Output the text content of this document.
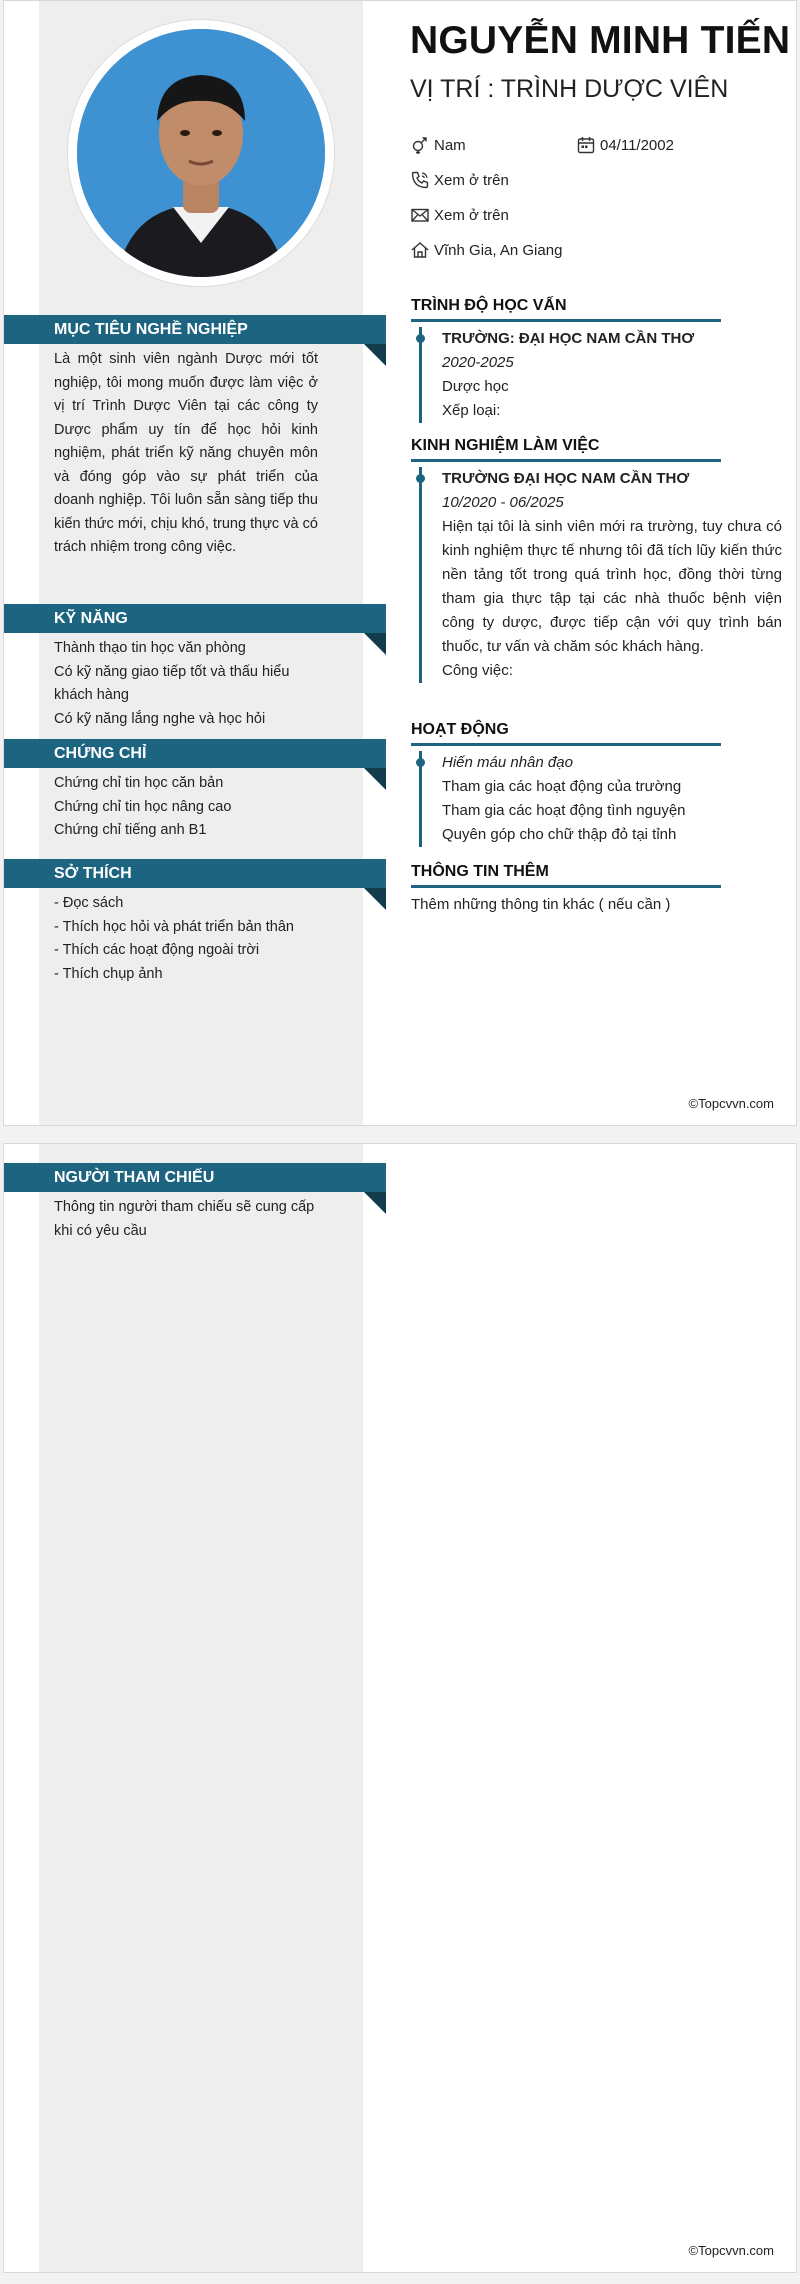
NGUYỄN MINH TIẾN
VỊ TRÍ : TRÌNH DƯỢC VIÊN
Nam	04/11/2002
Xem ở trên
Xem ở trên
Vĩnh Gia, An Giang
MỤC TIÊU NGHỀ NGHIỆP
Là một sinh viên ngành Dược mới tốt nghiệp, tôi mong muốn được làm việc ở vị trí Trình Dược Viên tại các công ty Dược phẩm uy tín để học hỏi kinh nghiệm, phát triển kỹ năng chuyên môn và đóng góp vào sự phát triển của doanh nghiệp. Tôi luôn sẵn sàng tiếp thu kiến thức mới, chịu khó, trung thực và có trách nhiệm trong công việc.
KỸ NĂNG
Thành thạo tin học văn phòng
Có kỹ năng giao tiếp tốt và thấu hiểu khách hàng
Có kỹ năng lắng nghe và học hỏi
CHỨNG CHỈ
Chứng chỉ tin học căn bản
Chứng chỉ tin học nâng cao
Chứng chỉ tiếng anh B1
SỞ THÍCH
- Đọc sách
- Thích học hỏi và phát triển bản thân
- Thích các hoạt động ngoài trời
- Thích chụp ảnh
TRÌNH ĐỘ HỌC VẤN
TRƯỜNG: ĐẠI HỌC NAM CẦN THƠ
2020-2025
Dược học
Xếp loại:
KINH NGHIỆM LÀM VIỆC
TRƯỜNG ĐẠI HỌC NAM CẦN THƠ
10/2020 - 06/2025
Hiện tại tôi là sinh viên mới ra trường, tuy chưa có kinh nghiệm thực tế nhưng tôi đã tích lũy kiến thức nền tảng tốt trong quá trình học, đồng thời từng tham gia thực tập tại các nhà thuốc bệnh viện công ty dược, được tiếp cận với quy trình bán thuốc, tư vấn và chăm sóc khách hàng.
Công việc:
HOẠT ĐỘNG
Hiến máu nhân đạo
Tham gia các hoạt động của trường
Tham gia các hoạt động tình nguyện
Quyên góp cho chữ thập đỏ tại tỉnh
THÔNG TIN THÊM
Thêm những thông tin khác ( nếu cần )
©Topcvvn.com
NGƯỜI THAM CHIẾU
Thông tin người tham chiếu sẽ cung cấp khi có yêu cầu
©Topcvvn.com
